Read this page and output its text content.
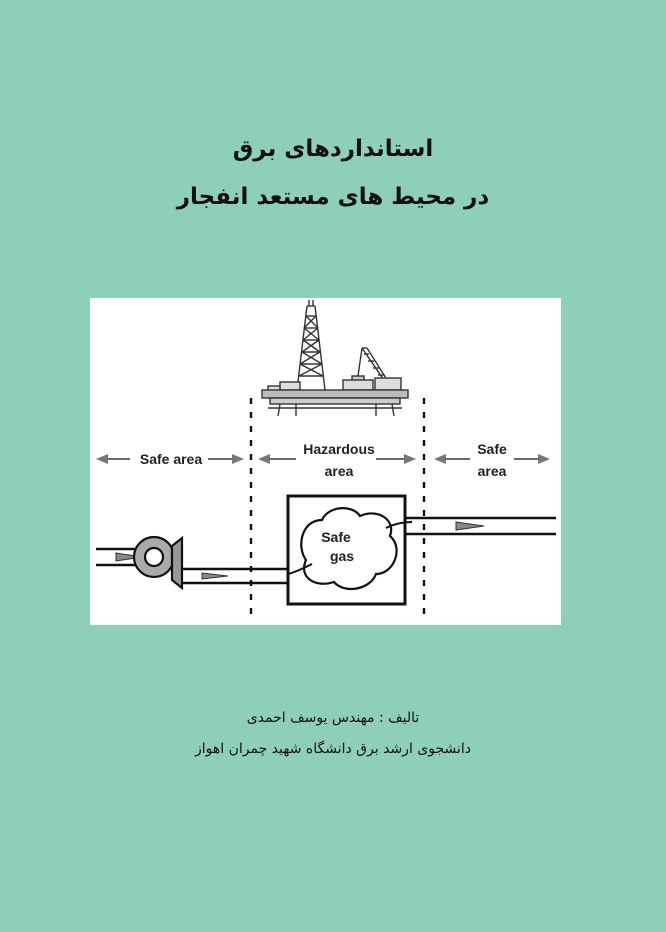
استانداردهای برق
در محیط های مستعد انفجار
Safe area
Hazardous
area
Safe
area
Safe
gas
تالیف : مهندس یوسف احمدی
دانشجوی ارشد برق دانشگاه شهید چمران اهواز
